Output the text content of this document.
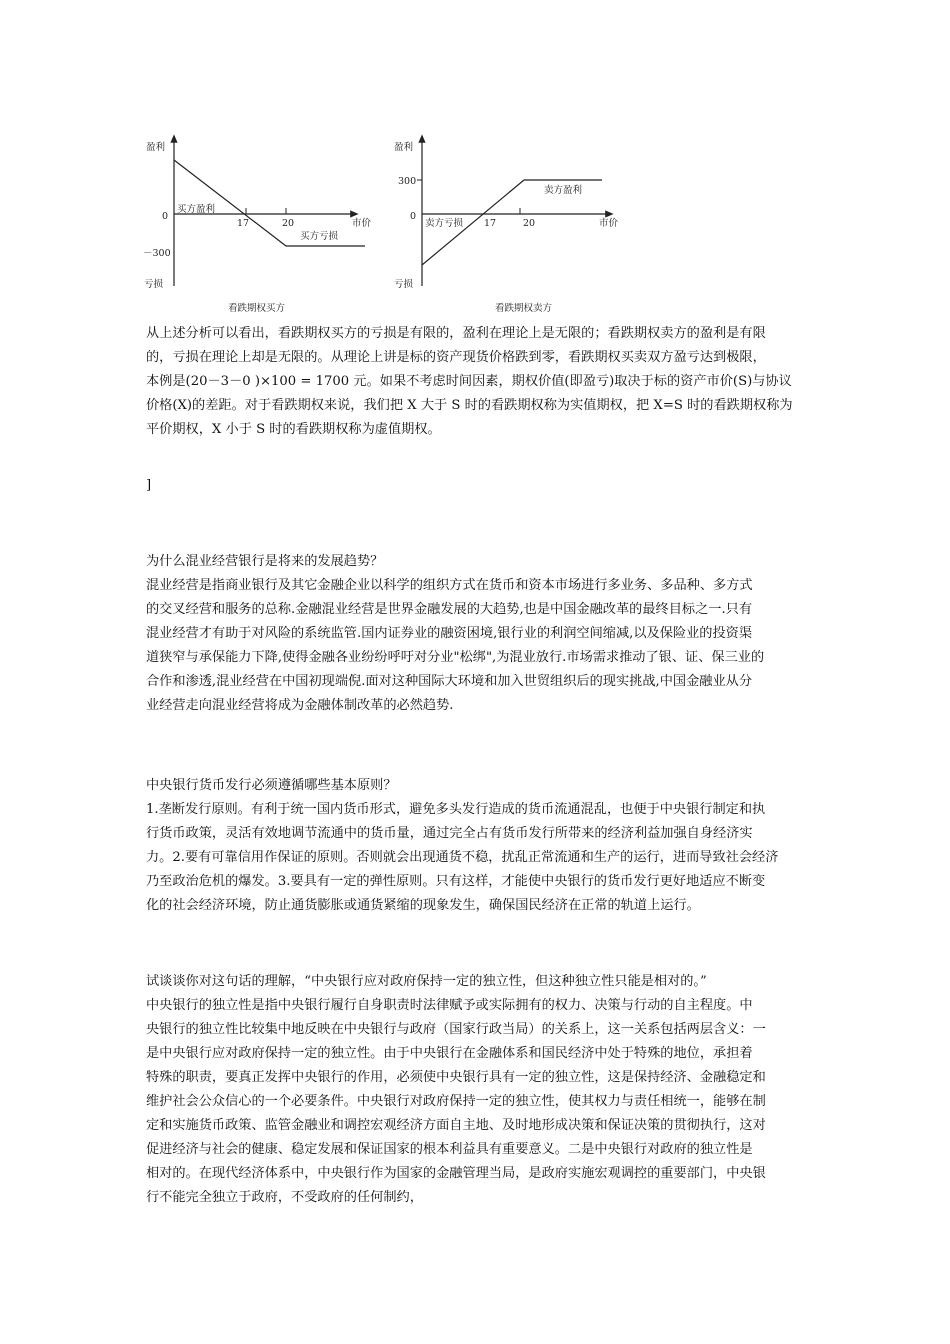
盈利
亏损
0
－300
17	20	市价
买方盈利
买方亏损
看跌期权买方
盈利
亏损
0
300
17	20	市价
卖方亏损
卖方盈利
看跌期权卖方
从上述分析可以看出，看跌期权买方的亏损是有限的，盈利在理论上是无限的；看跌期权卖方的盈利是有限
的，亏损在理论上却是无限的。从理论上讲是标的资产现货价格跌到零，看跌期权买卖双方盈亏达到极限，
本例是(20－3－0 )×100 = 1700 元。如果不考虑时间因素，期权价值(即盈亏)取决于标的资产市价(S)与协议
价格(X)的差距。对于看跌期权来说，我们把 X 大于 S 时的看跌期权称为实值期权，把 X=S 时的看跌期权称为
平价期权，X 小于 S 时的看跌期权称为虚值期权。
]
为什么混业经营银行是将来的发展趋势？
混业经营是指商业银行及其它金融企业以科学的组织方式在货币和资本市场进行多业务、多品种、多方式
的交叉经营和服务的总称.金融混业经营是世界金融发展的大趋势,也是中国金融改革的最终目标之一.只有
混业经营才有助于对风险的系统监管.国内证券业的融资困境,银行业的利润空间缩减,以及保险业的投资渠
道狭窄与承保能力下降,使得金融各业纷纷呼吁对分业"松绑",为混业放行.市场需求推动了银、证、保三业的
合作和渗透,混业经营在中国初现端倪.面对这种国际大环境和加入世贸组织后的现实挑战,中国金融业从分
业经营走向混业经营将成为金融体制改革的必然趋势.
中央银行货币发行必须遵循哪些基本原则？
1.垄断发行原则。有利于统一国内货币形式，避免多头发行造成的货币流通混乱，也便于中央银行制定和执
行货币政策，灵活有效地调节流通中的货币量，通过完全占有货币发行所带来的经济利益加强自身经济实
力。2.要有可靠信用作保证的原则。否则就会出现通货不稳，扰乱正常流通和生产的运行，进而导致社会经济
乃至政治危机的爆发。3.要具有一定的弹性原则。只有这样，才能使中央银行的货币发行更好地适应不断变
化的社会经济环境，防止通货膨胀或通货紧缩的现象发生，确保国民经济在正常的轨道上运行。
试谈谈你对这句话的理解，“中央银行应对政府保持一定的独立性，但这种独立性只能是相对的。”
中央银行的独立性是指中央银行履行自身职责时法律赋予或实际拥有的权力、决策与行动的自主程度。中
央银行的独立性比较集中地反映在中央银行与政府（国家行政当局）的关系上，这一关系包括两层含义：一
是中央银行应对政府保持一定的独立性。由于中央银行在金融体系和国民经济中处于特殊的地位，承担着
特殊的职责，要真正发挥中央银行的作用，必须使中央银行具有一定的独立性，这是保持经济、金融稳定和
维护社会公众信心的一个必要条件。中央银行对政府保持一定的独立性，使其权力与责任相统一，能够在制
定和实施货币政策、监管金融业和调控宏观经济方面自主地、及时地形成决策和保证决策的贯彻执行，这对
促进经济与社会的健康、稳定发展和保证国家的根本利益具有重要意义。二是中央银行对政府的独立性是
相对的。在现代经济体系中，中央银行作为国家的金融管理当局，是政府实施宏观调控的重要部门，中央银
行不能完全独立于政府，不受政府的任何制约，
